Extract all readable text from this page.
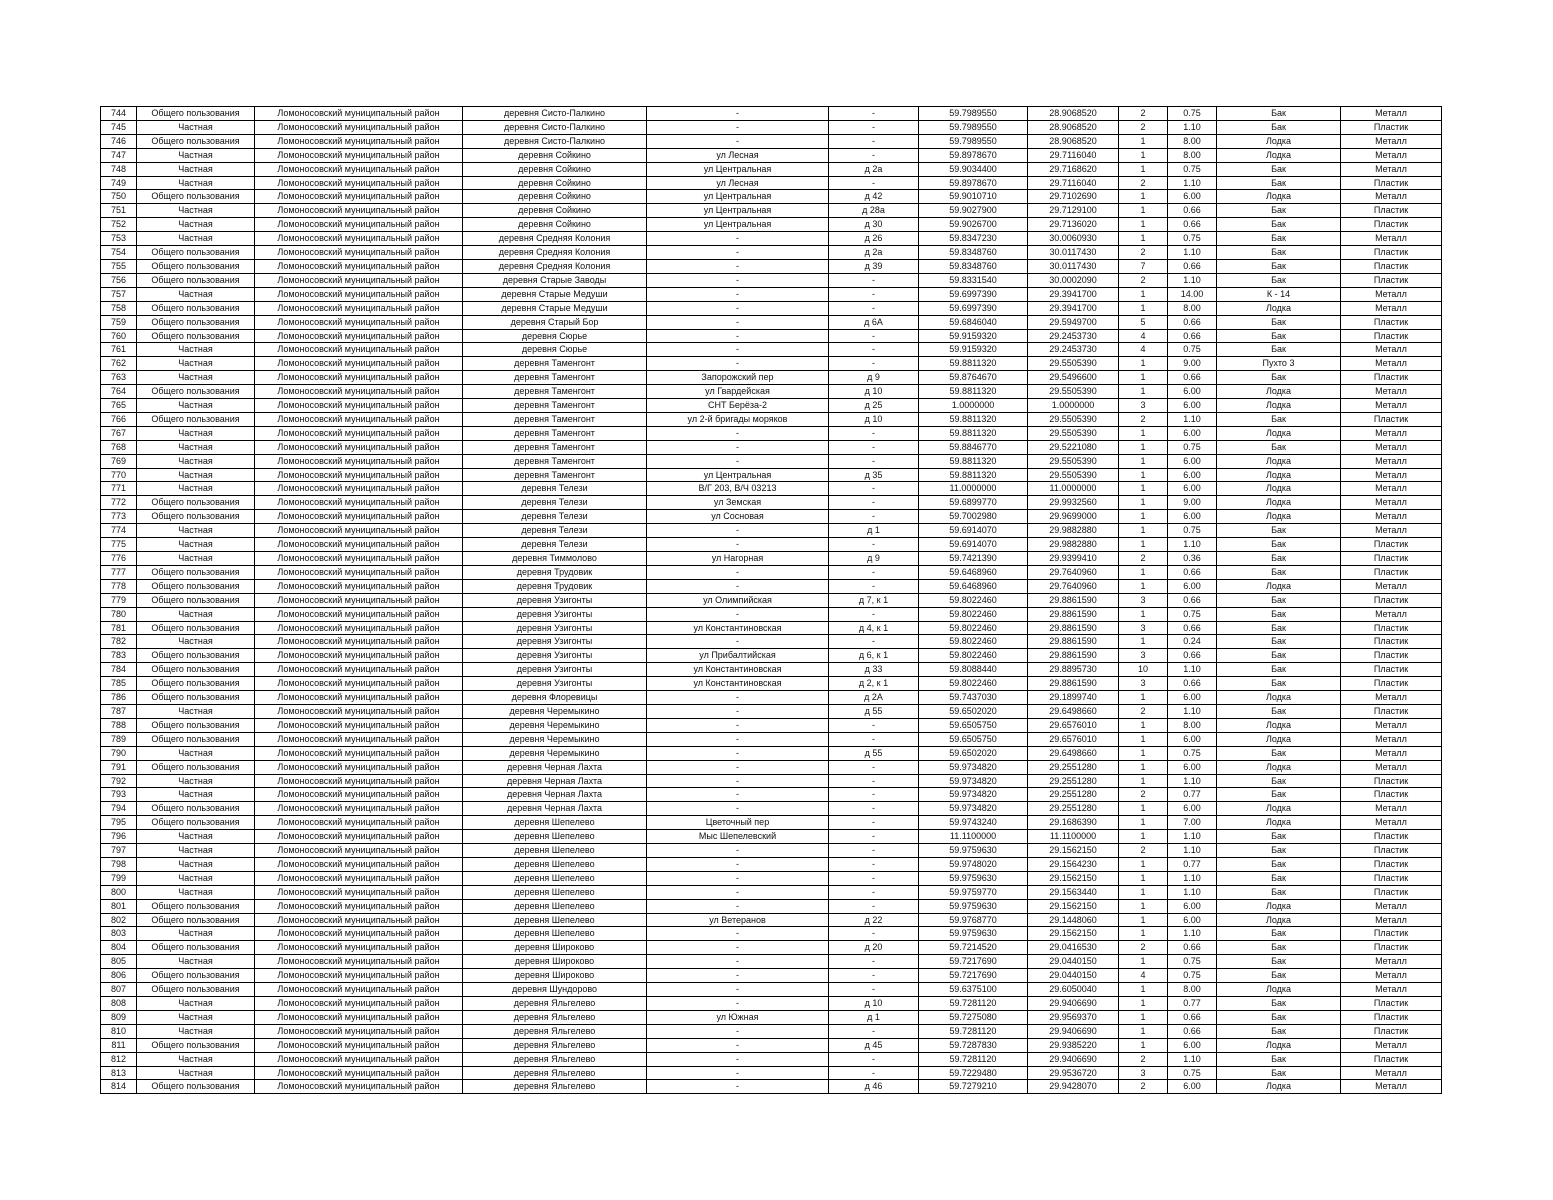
744	Общего пользования	Ломоносовский муниципальный район	деревня Систо-Палкино	-	-	59.7989550	28.9068520	2	0.75	Бак	Металл
745	Частная	Ломоносовский муниципальный район	деревня Систо-Палкино	-	-	59.7989550	28.9068520	2	1.10	Бак	Пластик
746	Общего пользования	Ломоносовский муниципальный район	деревня Систо-Палкино	-	-	59.7989550	28.9068520	1	8.00	Лодка	Металл
747	Частная	Ломоносовский муниципальный район	деревня Сойкино	ул Лесная	-	59.8978670	29.7116040	1	8.00	Лодка	Металл
748	Частная	Ломоносовский муниципальный район	деревня Сойкино	ул Центральная	д 2а	59.9034400	29.7168620	1	0.75	Бак	Металл
749	Частная	Ломоносовский муниципальный район	деревня Сойкино	ул Лесная	-	59.8978670	29.7116040	2	1.10	Бак	Пластик
750	Общего пользования	Ломоносовский муниципальный район	деревня Сойкино	ул Центральная	д 42	59.9010710	29.7102690	1	6.00	Лодка	Металл
751	Частная	Ломоносовский муниципальный район	деревня Сойкино	ул Центральная	д 28а	59.9027900	29.7129100	1	0.66	Бак	Пластик
752	Частная	Ломоносовский муниципальный район	деревня Сойкино	ул Центральная	д 30	59.9026700	29.7136020	1	0.66	Бак	Пластик
753	Частная	Ломоносовский муниципальный район	деревня Средняя Колония	-	д 26	59.8347230	30.0060930	1	0.75	Бак	Металл
754	Общего пользования	Ломоносовский муниципальный район	деревня Средняя Колония	-	д 2а	59.8348760	30.0117430	2	1.10	Бак	Пластик
755	Общего пользования	Ломоносовский муниципальный район	деревня Средняя Колония	-	д 39	59.8348760	30.0117430	7	0.66	Бак	Пластик
756	Общего пользования	Ломоносовский муниципальный район	деревня Старые Заводы	-	-	59.8331540	30.0002090	2	1.10	Бак	Пластик
757	Частная	Ломоносовский муниципальный район	деревня Старые Медуши	-	-	59.6997390	29.3941700	1	14.00	К - 14	Металл
758	Общего пользования	Ломоносовский муниципальный район	деревня Старые Медуши	-	-	59.6997390	29.3941700	1	8.00	Лодка	Металл
759	Общего пользования	Ломоносовский муниципальный район	деревня Старый Бор	-	д 6А	59.6846040	29.5949700	5	0.66	Бак	Пластик
760	Общего пользования	Ломоносовский муниципальный район	деревня Сюрье	-	-	59.9159320	29.2453730	4	0.66	Бак	Пластик
761	Частная	Ломоносовский муниципальный район	деревня Сюрье	-	-	59.9159320	29.2453730	4	0.75	Бак	Металл
762	Частная	Ломоносовский муниципальный район	деревня Таменгонт	-	-	59.8811320	29.5505390	1	9.00	Пухто 3	Металл
763	Частная	Ломоносовский муниципальный район	деревня Таменгонт	Запорожский пер	д 9	59.8764670	29.5496600	1	0.66	Бак	Пластик
764	Общего пользования	Ломоносовский муниципальный район	деревня Таменгонт	ул Гвардейская	д 10	59.8811320	29.5505390	1	6.00	Лодка	Металл
765	Частная	Ломоносовский муниципальный район	деревня Таменгонт	СНТ Берёза-2	д 25	1.0000000	1.0000000	3	6.00	Лодка	Металл
766	Общего пользования	Ломоносовский муниципальный район	деревня Таменгонт	ул 2-й бригады моряков	д 10	59.8811320	29.5505390	2	1.10	Бак	Пластик
767	Частная	Ломоносовский муниципальный район	деревня Таменгонт	-	-	59.8811320	29.5505390	1	6.00	Лодка	Металл
768	Частная	Ломоносовский муниципальный район	деревня Таменгонт	-	-	59.8846770	29.5221080	1	0.75	Бак	Металл
769	Частная	Ломоносовский муниципальный район	деревня Таменгонт	-	-	59.8811320	29.5505390	1	6.00	Лодка	Металл
770	Частная	Ломоносовский муниципальный район	деревня Таменгонт	ул Центральная	д 35	59.8811320	29.5505390	1	6.00	Лодка	Металл
771	Частная	Ломоносовский муниципальный район	деревня Телези	В/Г 203, В/Ч 03213	-	11.0000000	11.0000000	1	6.00	Лодка	Металл
772	Общего пользования	Ломоносовский муниципальный район	деревня Телези	ул Земская	-	59.6899770	29.9932560	1	9.00	Лодка	Металл
773	Общего пользования	Ломоносовский муниципальный район	деревня Телези	ул Сосновая	-	59.7002980	29.9699000	1	6.00	Лодка	Металл
774	Частная	Ломоносовский муниципальный район	деревня Телези	-	д 1	59.6914070	29.9882880	1	0.75	Бак	Металл
775	Частная	Ломоносовский муниципальный район	деревня Телези	-	-	59.6914070	29.9882880	1	1.10	Бак	Пластик
776	Частная	Ломоносовский муниципальный район	деревня Тиммолово	ул Нагорная	д 9	59.7421390	29.9399410	2	0.36	Бак	Пластик
777	Общего пользования	Ломоносовский муниципальный район	деревня Трудовик	-	-	59.6468960	29.7640960	1	0.66	Бак	Пластик
778	Общего пользования	Ломоносовский муниципальный район	деревня Трудовик	-	-	59.6468960	29.7640960	1	6.00	Лодка	Металл
779	Общего пользования	Ломоносовский муниципальный район	деревня Узигонты	ул Олимпийская	д 7, к 1	59.8022460	29.8861590	3	0.66	Бак	Пластик
780	Частная	Ломоносовский муниципальный район	деревня Узигонты	-	-	59.8022460	29.8861590	1	0.75	Бак	Металл
781	Общего пользования	Ломоносовский муниципальный район	деревня Узигонты	ул Константиновская	д 4, к 1	59.8022460	29.8861590	3	0.66	Бак	Пластик
782	Частная	Ломоносовский муниципальный район	деревня Узигонты	-	-	59.8022460	29.8861590	1	0.24	Бак	Пластик
783	Общего пользования	Ломоносовский муниципальный район	деревня Узигонты	ул Прибалтийская	д 6, к 1	59.8022460	29.8861590	3	0.66	Бак	Пластик
784	Общего пользования	Ломоносовский муниципальный район	деревня Узигонты	ул Константиновская	д 33	59.8088440	29.8895730	10	1.10	Бак	Пластик
785	Общего пользования	Ломоносовский муниципальный район	деревня Узигонты	ул Константиновская	д 2, к 1	59.8022460	29.8861590	3	0.66	Бак	Пластик
786	Общего пользования	Ломоносовский муниципальный район	деревня Флоревицы	-	д 2А	59.7437030	29.1899740	1	6.00	Лодка	Металл
787	Частная	Ломоносовский муниципальный район	деревня Черемыкино	-	д 55	59.6502020	29.6498660	2	1.10	Бак	Пластик
788	Общего пользования	Ломоносовский муниципальный район	деревня Черемыкино	-	-	59.6505750	29.6576010	1	8.00	Лодка	Металл
789	Общего пользования	Ломоносовский муниципальный район	деревня Черемыкино	-	-	59.6505750	29.6576010	1	6.00	Лодка	Металл
790	Частная	Ломоносовский муниципальный район	деревня Черемыкино	-	д 55	59.6502020	29.6498660	1	0.75	Бак	Металл
791	Общего пользования	Ломоносовский муниципальный район	деревня Черная Лахта	-	-	59.9734820	29.2551280	1	6.00	Лодка	Металл
792	Частная	Ломоносовский муниципальный район	деревня Черная Лахта	-	-	59.9734820	29.2551280	1	1.10	Бак	Пластик
793	Частная	Ломоносовский муниципальный район	деревня Черная Лахта	-	-	59.9734820	29.2551280	2	0.77	Бак	Пластик
794	Общего пользования	Ломоносовский муниципальный район	деревня Черная Лахта	-	-	59.9734820	29.2551280	1	6.00	Лодка	Металл
795	Общего пользования	Ломоносовский муниципальный район	деревня Шепелево	Цветочный пер	-	59.9743240	29.1686390	1	7.00	Лодка	Металл
796	Частная	Ломоносовский муниципальный район	деревня Шепелево	Мыс Шепелевский	-	11.1100000	11.1100000	1	1.10	Бак	Пластик
797	Частная	Ломоносовский муниципальный район	деревня Шепелево	-	-	59.9759630	29.1562150	2	1.10	Бак	Пластик
798	Частная	Ломоносовский муниципальный район	деревня Шепелево	-	-	59.9748020	29.1564230	1	0.77	Бак	Пластик
799	Частная	Ломоносовский муниципальный район	деревня Шепелево	-	-	59.9759630	29.1562150	1	1.10	Бак	Пластик
800	Частная	Ломоносовский муниципальный район	деревня Шепелево	-	-	59.9759770	29.1563440	1	1.10	Бак	Пластик
801	Общего пользования	Ломоносовский муниципальный район	деревня Шепелево	-	-	59.9759630	29.1562150	1	6.00	Лодка	Металл
802	Общего пользования	Ломоносовский муниципальный район	деревня Шепелево	ул Ветеранов	д 22	59.9768770	29.1448060	1	6.00	Лодка	Металл
803	Частная	Ломоносовский муниципальный район	деревня Шепелево	-	-	59.9759630	29.1562150	1	1.10	Бак	Пластик
804	Общего пользования	Ломоносовский муниципальный район	деревня Широково	-	д 20	59.7214520	29.0416530	2	0.66	Бак	Пластик
805	Частная	Ломоносовский муниципальный район	деревня Широково	-	-	59.7217690	29.0440150	1	0.75	Бак	Металл
806	Общего пользования	Ломоносовский муниципальный район	деревня Широково	-	-	59.7217690	29.0440150	4	0.75	Бак	Металл
807	Общего пользования	Ломоносовский муниципальный район	деревня Шундорово	-	-	59.6375100	29.6050040	1	8.00	Лодка	Металл
808	Частная	Ломоносовский муниципальный район	деревня Яльгелево	-	д 10	59.7281120	29.9406690	1	0.77	Бак	Пластик
809	Частная	Ломоносовский муниципальный район	деревня Яльгелево	ул Южная	д 1	59.7275080	29.9569370	1	0.66	Бак	Пластик
810	Частная	Ломоносовский муниципальный район	деревня Яльгелево	-	-	59.7281120	29.9406690	1	0.66	Бак	Пластик
811	Общего пользования	Ломоносовский муниципальный район	деревня Яльгелево	-	д 45	59.7287830	29.9385220	1	6.00	Лодка	Металл
812	Частная	Ломоносовский муниципальный район	деревня Яльгелево	-	-	59.7281120	29.9406690	2	1.10	Бак	Пластик
813	Частная	Ломоносовский муниципальный район	деревня Яльгелево	-	-	59.7229480	29.9536720	3	0.75	Бак	Металл
814	Общего пользования	Ломоносовский муниципальный район	деревня Яльгелево	-	д 46	59.7279210	29.9428070	2	6.00	Лодка	Металл
